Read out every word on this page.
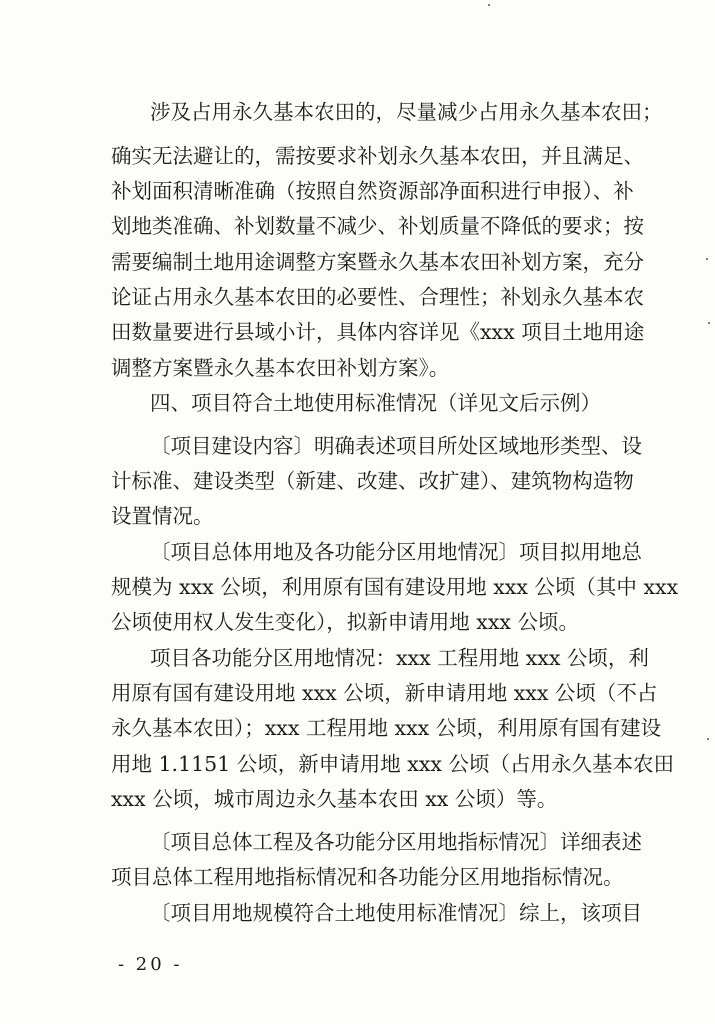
涉及占用永久基本农田的，尽量减少占用永久基本农田；
确实无法避让的，需按要求补划永久基本农田，并且满足、
补划面积清晰准确（按照自然资源部净面积进行申报）、补
划地类准确、补划数量不减少、补划质量不降低的要求；按
需要编制土地用途调整方案暨永久基本农田补划方案，充分
论证占用永久基本农田的必要性、合理性；补划永久基本农
田数量要进行县域小计，具体内容详见《xxx 项目土地用途
调整方案暨永久基本农田补划方案》。
四、项目符合土地使用标准情况（详见文后示例）
〔项目建设内容〕明确表述项目所处区域地形类型、设
计标准、建设类型（新建、改建、改扩建）、建筑物构造物
设置情况。
〔项目总体用地及各功能分区用地情况〕项目拟用地总
规模为 xxx 公顷，利用原有国有建设用地 xxx 公顷（其中 xxx
公顷使用权人发生变化），拟新申请用地 xxx 公顷。
项目各功能分区用地情况：xxx 工程用地 xxx 公顷，利
用原有国有建设用地 xxx 公顷，新申请用地 xxx 公顷（不占
永久基本农田）；xxx 工程用地 xxx 公顷，利用原有国有建设
用地 1.1151 公顷，新申请用地 xxx 公顷（占用永久基本农田
xxx 公顷，城市周边永久基本农田 xx 公顷）等。
〔项目总体工程及各功能分区用地指标情况〕详细表述
项目总体工程用地指标情况和各功能分区用地指标情况。
〔项目用地规模符合土地使用标准情况〕综上，该项目
- 20 -
